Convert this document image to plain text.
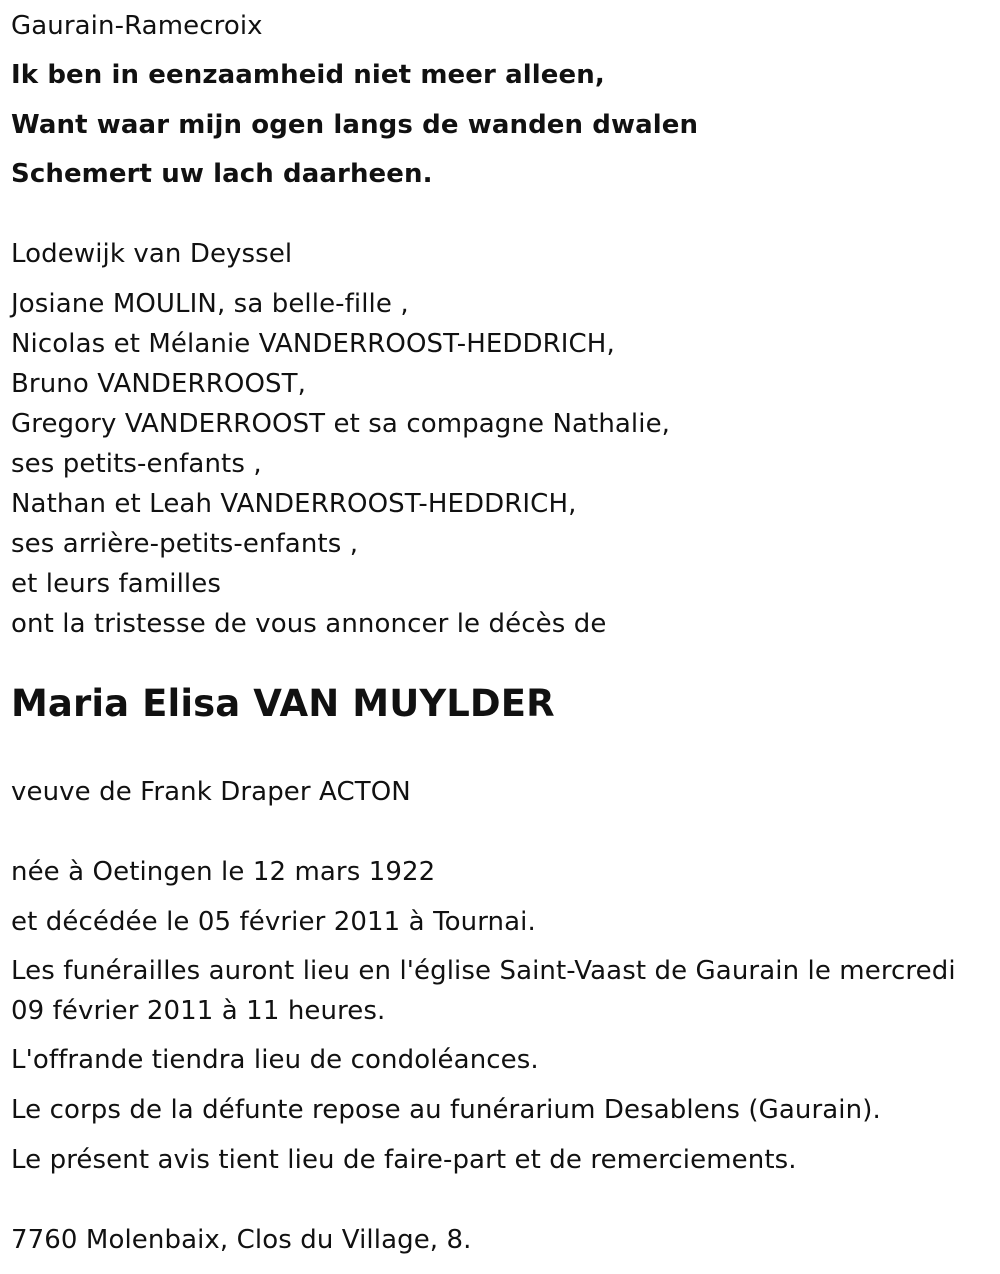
Gaurain-Ramecroix
Ik ben in eenzaamheid niet meer alleen,
Want waar mijn ogen langs de wanden dwalen
Schemert uw lach daarheen.
Lodewijk van Deyssel
Josiane MOULIN, sa belle-fille ,
Nicolas et Mélanie VANDERROOST-HEDDRICH,
Bruno VANDERROOST,
Gregory VANDERROOST et sa compagne Nathalie,
ses petits-enfants ,
Nathan et Leah VANDERROOST-HEDDRICH,
ses arrière-petits-enfants ,
et leurs familles
ont la tristesse de vous annoncer le décès de
Maria Elisa VAN MUYLDER
veuve de Frank Draper ACTON
née à Oetingen le 12 mars 1922
et décédée le 05 février 2011 à Tournai.
Les funérailles auront lieu en l'église Saint-Vaast de Gaurain le mercredi
09 février 2011 à 11 heures.
L'offrande tiendra lieu de condoléances.
Le corps de la défunte repose au funérarium Desablens (Gaurain).
Le présent avis tient lieu de faire-part et de remerciements.
7760 Molenbaix, Clos du Village, 8.
